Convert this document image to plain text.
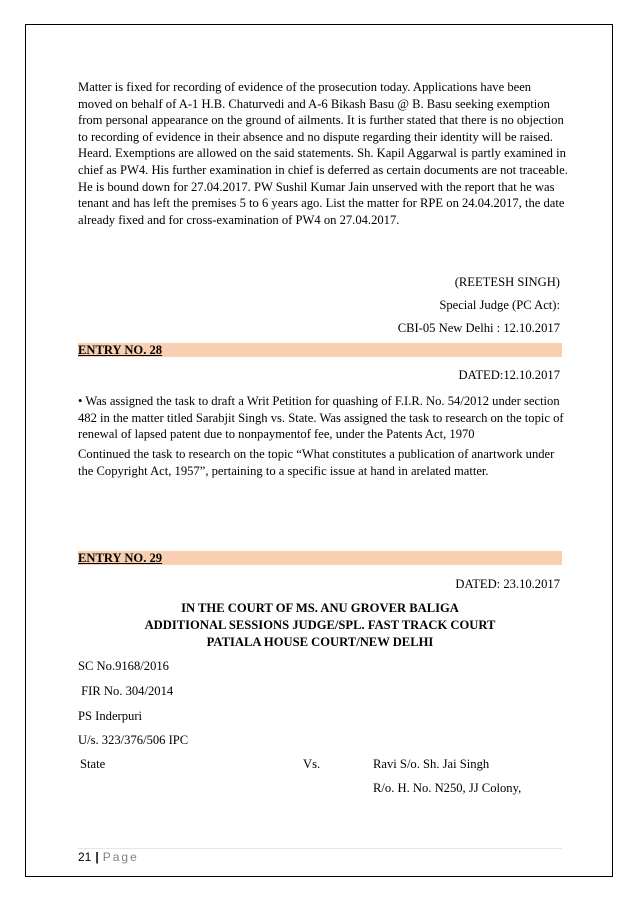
Matter is fixed for recording of evidence of the prosecution today. Applications have been moved on behalf of A-1 H.B. Chaturvedi and A-6 Bikash Basu @ B. Basu seeking exemption from personal appearance on the ground of ailments. It is further stated that there is no objection to recording of evidence in their absence and no dispute regarding their identity will be raised. Heard. Exemptions are allowed on the said statements. Sh. Kapil Aggarwal is partly examined in chief as PW4. His further examination in chief is deferred as certain documents are not traceable. He is bound down for 27.04.2017. PW Sushil Kumar Jain unserved with the report that he was tenant and has left the premises 5 to 6 years ago. List the matter for RPE on 24.04.2017, the date already fixed and for cross-examination of PW4 on 27.04.2017.
(REETESH SINGH)
Special Judge (PC Act):
CBI-05 New Delhi : 12.10.2017
ENTRY NO. 28
DATED:12.10.2017
• Was assigned the task to draft a Writ Petition for quashing of F.I.R. No. 54/2012 under section 482 in the matter titled Sarabjit Singh vs. State. Was assigned the task to research on the topic of renewal of lapsed patent due to nonpaymentof fee, under the Patents Act, 1970
Continued the task to research on the topic “What constitutes a publication of anartwork under the Copyright Act, 1957”, pertaining to a specific issue at hand in arelated matter.
ENTRY NO. 29
DATED: 23.10.2017
IN THE COURT OF MS. ANU GROVER BALIGA
ADDITIONAL SESSIONS JUDGE/SPL. FAST TRACK COURT
PATIALA HOUSE COURT/NEW DELHI
SC No.9168/2016
FIR No. 304/2014
PS Inderpuri
U/s. 323/376/506 IPC
State	Vs.	Ravi S/o. Sh. Jai Singh
R/o. H. No. N250, JJ Colony,
21 | Page
